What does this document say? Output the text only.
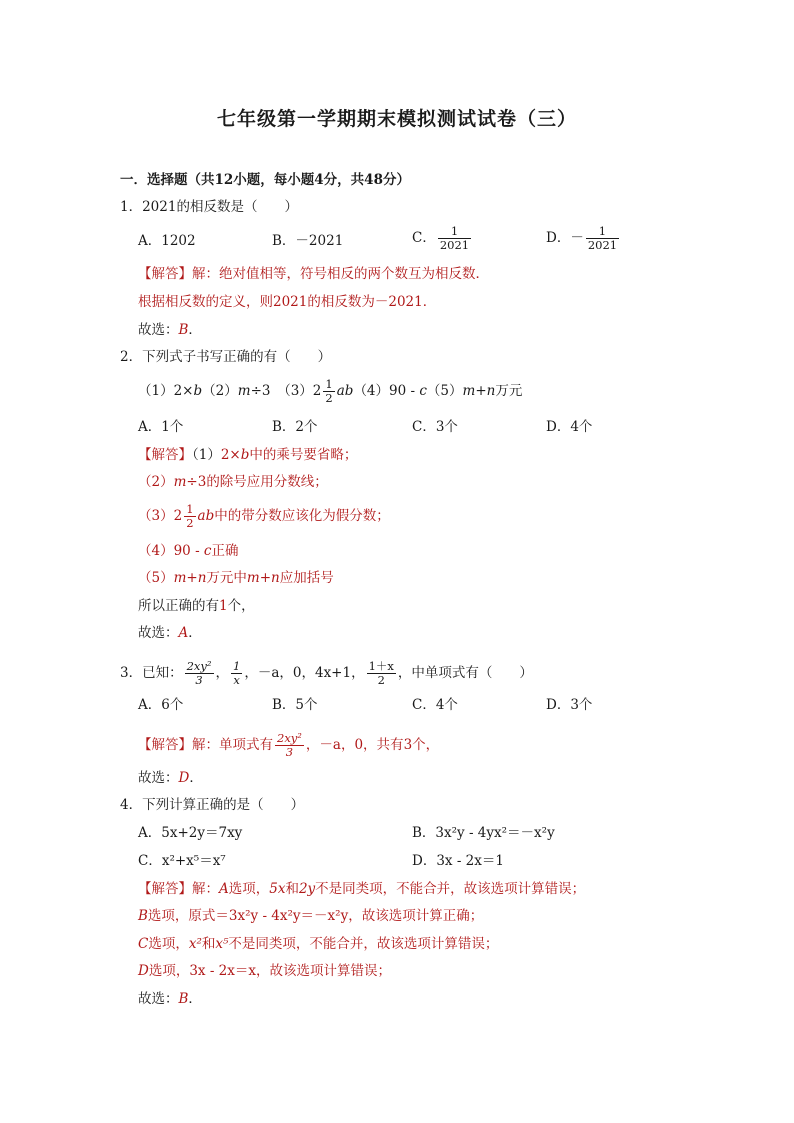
七年级第一学期期末模拟测试试卷（三）
一．选择题（共12小题，每小题4分，共48分）
1．2021的相反数是（　　）
A．1202	B．－2021	C． $\frac{1}{2021}$	D．－ $\frac{1}{2021}$
【解答】解：绝对值相等，符号相反的两个数互为相反数．
根据相反数的定义，则2021的相反数为－2021．
故选：B．
2．下列式子书写正确的有（　　）
（1）2×b（2）m÷3　$(3)2 \frac{1}{2} ab(4)90 - c(5)m+n$万元
A．1个	B．2个	C．3个	D．4个
【解答】（1）2×b中的乘号要省略；
（2）m÷3的除号应用分数线；
$(3)2 \frac{1}{2}$ ab中的带分数应该化为假分数；
（4）90 - c正确
（5）m+n万元中m+n应加括号
所以正确的有1个，
故选：A．
3．已知： $\frac{\text{2xy²}}{3}$ ， $\frac{1}{x}$ ，－a，0，4x+1， $\frac{1+x}{2}$ ，中单项式有（　　）
A．6个	B．5个	C．4个	D．3个
【解答】解：单项式有 $\frac{\text{2xy²}}{3}$ ，－a，0，共有3个，
故选：D．
4．下列计算正确的是（　　）
A．5x+2y＝7xy	B．3x²y - 4yx²＝－x²y
C．x²+x⁵＝x⁷	D．3x - 2x＝1
【解答】解：A选项，5x和2y不是同类项，不能合并，故该选项计算错误；
B选项，原式＝3x²y - 4x²y＝－x²y，故该选项计算正确；
C选项，x²和x⁵不是同类项，不能合并，故该选项计算错误；
D选项，3x - 2x＝x，故该选项计算错误；
故选：B．
